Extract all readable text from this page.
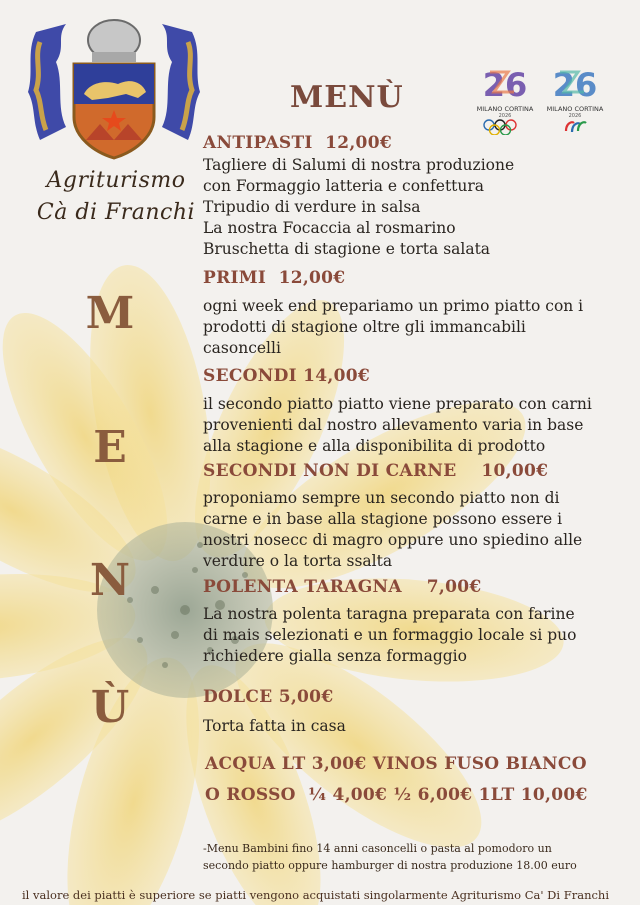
Agriturismo
Cà di Franchi
MENÙ 26
MILANO CORTINA
2026
26
MILANO CORTINA
2026
M
E
N
Ù
ANTIPASTI  12,00€
Tagliere di Salumi di nostra produzione
con Formaggio latteria e confettura
Tripudio di verdure in salsa
La nostra Focaccia al rosmarino
Bruschetta di stagione e torta salata
PRIMI  12,00€
ogni week end prepariamo un primo piatto con i
prodotti di stagione oltre gli immancabili
casoncelli
SECONDI 14,00€
il secondo piatto piatto viene preparato con carni
provenienti dal nostro allevamento varia in base
alla stagione e alla disponibilita di prodotto
SECONDI NON DI CARNE    10,00€
proponiamo sempre un secondo piatto non di
carne e in base alla stagione possono essere i
nostri nosecc di magro oppure uno spiedino alle
verdure o la torta ssalta
POLENTA TARAGNA    7,00€
La nostra polenta taragna preparata con farine
di mais selezionati e un formaggio locale si puo
richiedere gialla senza formaggio
DOLCE 5,00€
Torta fatta in casa
ACQUA LT 3,00€ VINOS FUSO BIANCO
O ROSSO  ¼ 4,00€ ½ 6,00€ 1LT 10,00€
-Menu Bambini fino 14 anni casoncelli o pasta al pomodoro un
secondo piatto oppure hamburger di nostra produzione 18.00 euro
il valore dei piatti è superiore se piatti vengono acquistati singolarmente Agriturismo Ca' Di Franchi
